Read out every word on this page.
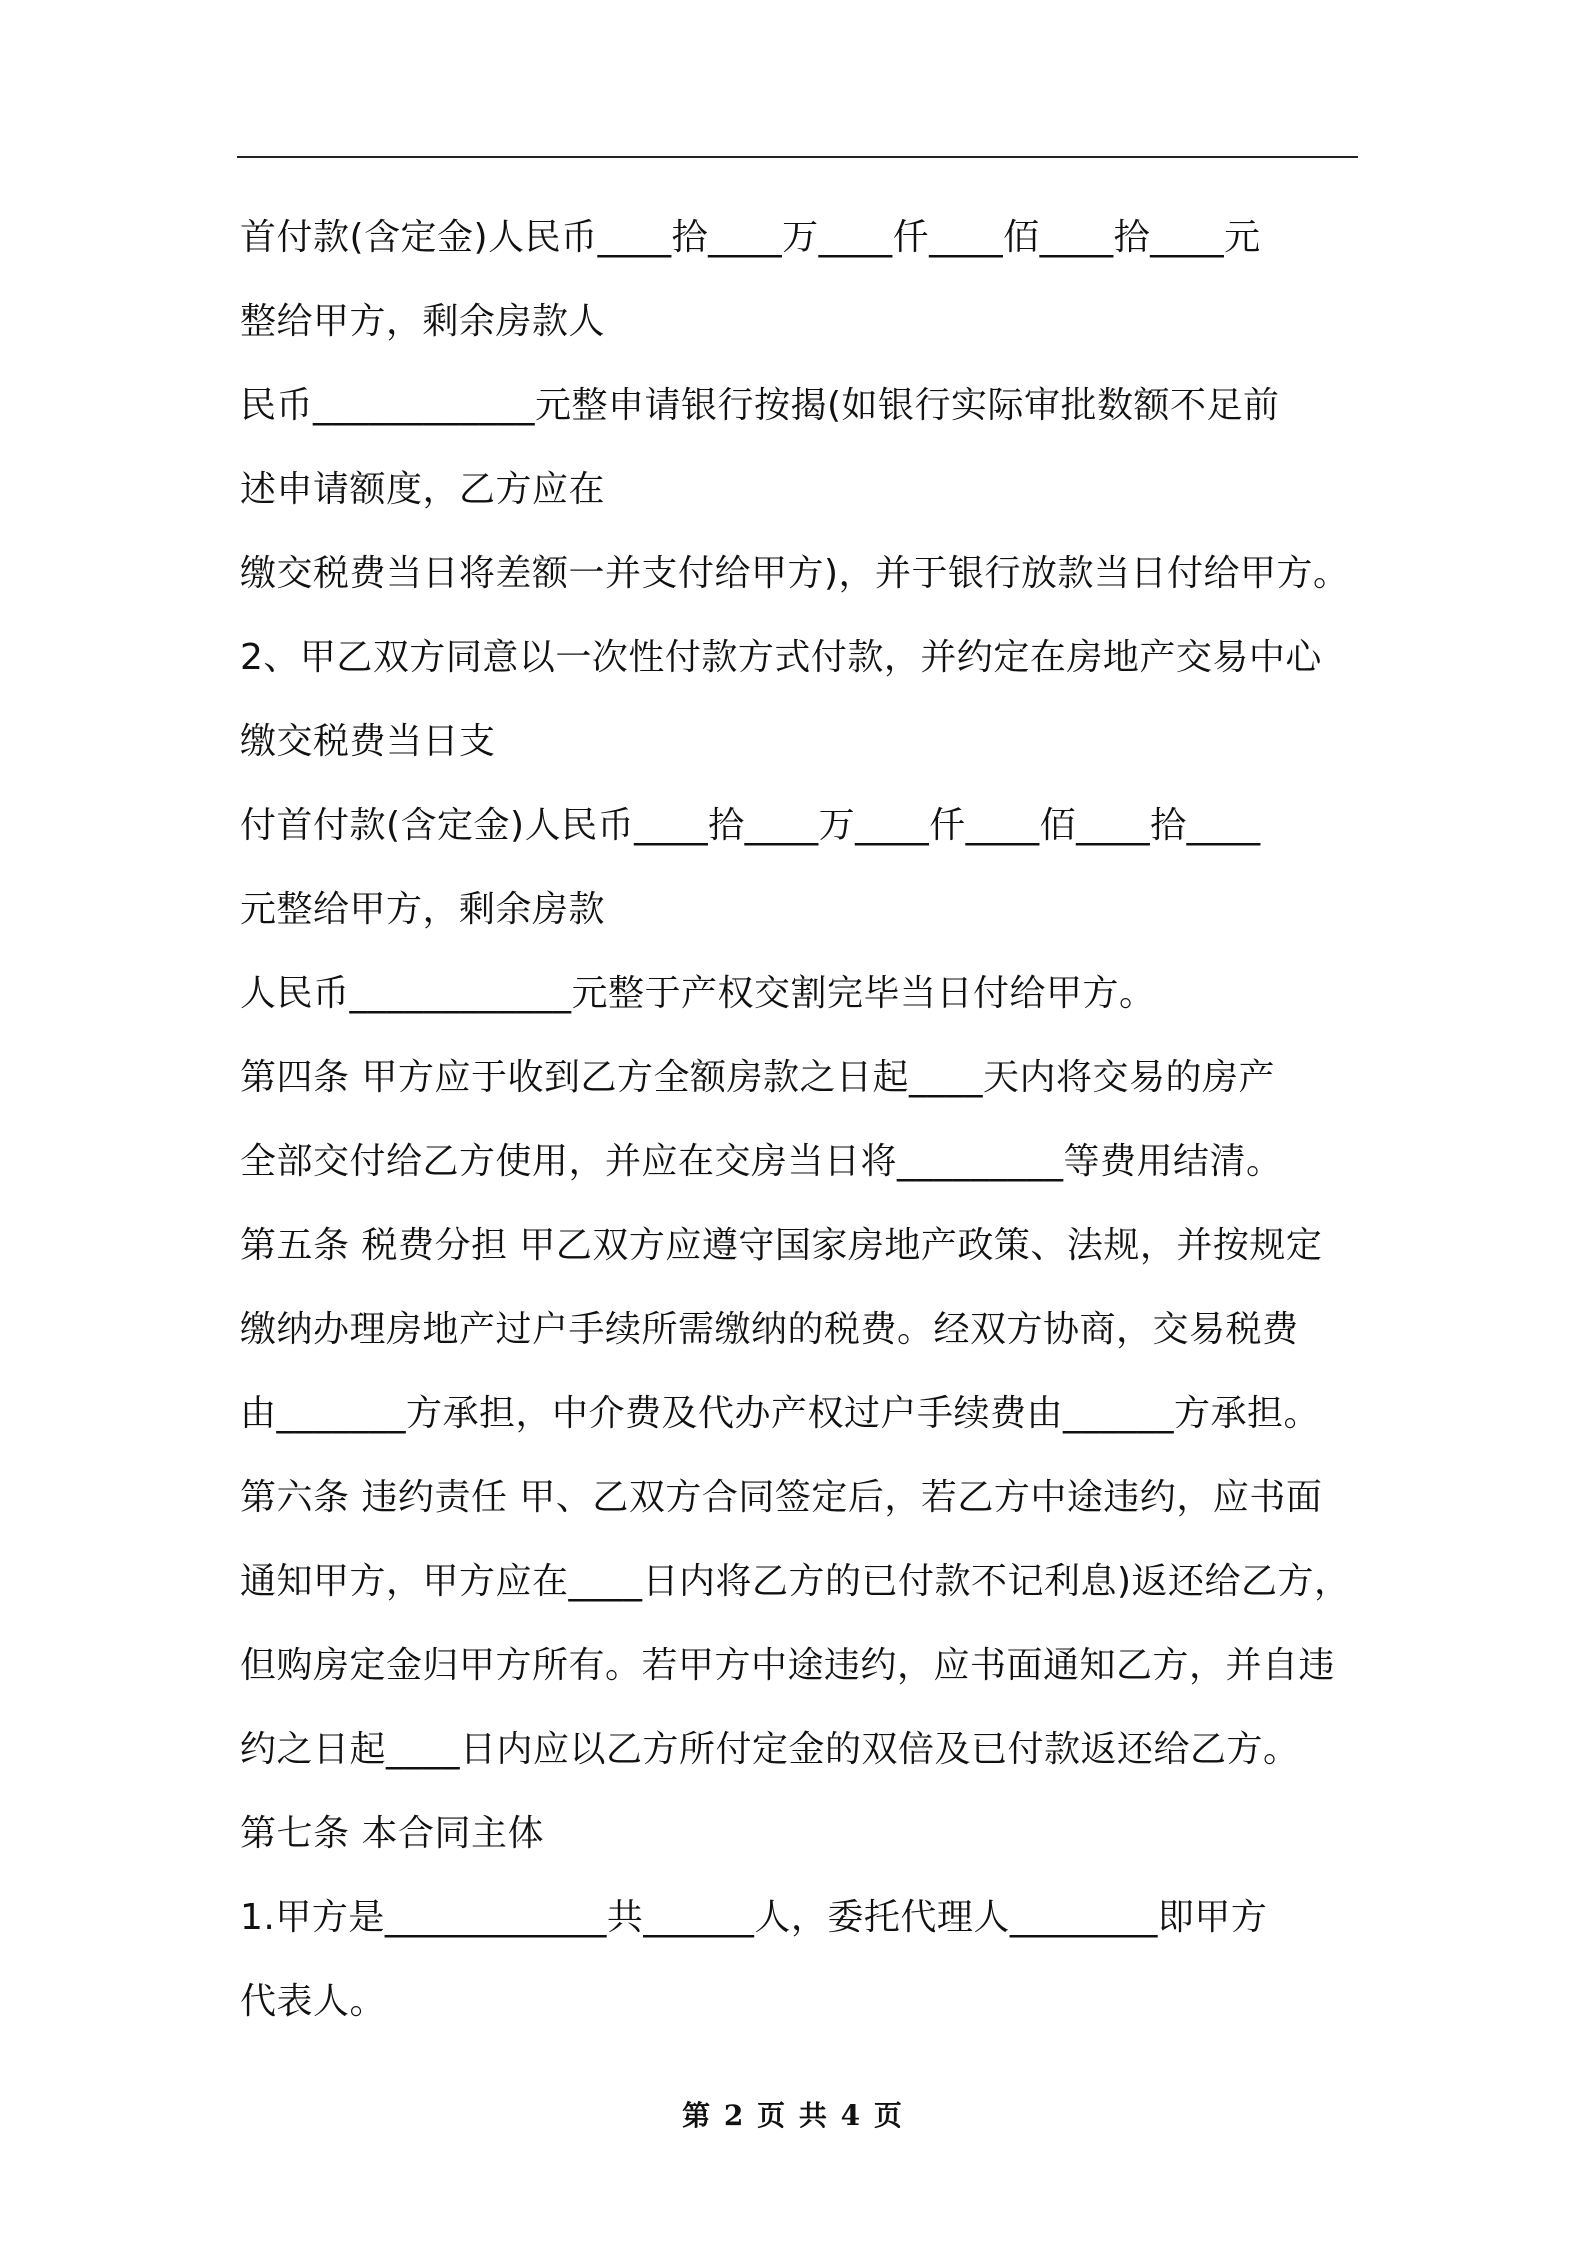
首付款(含定金)人民币____拾____万____仟____佰____拾____元
整给甲方，剩余房款人
民币____________元整申请银行按揭(如银行实际审批数额不足前
述申请额度，乙方应在
缴交税费当日将差额一并支付给甲方)，并于银行放款当日付给甲方。
2、甲乙双方同意以一次性付款方式付款，并约定在房地产交易中心
缴交税费当日支
付首付款(含定金)人民币____拾____万____仟____佰____拾____
元整给甲方，剩余房款
人民币____________元整于产权交割完毕当日付给甲方。
第四条 甲方应于收到乙方全额房款之日起____天内将交易的房产
全部交付给乙方使用，并应在交房当日将_________等费用结清。
第五条 税费分担 甲乙双方应遵守国家房地产政策、法规，并按规定
缴纳办理房地产过户手续所需缴纳的税费。经双方协商，交易税费
由_______方承担，中介费及代办产权过户手续费由______方承担。
第六条 违约责任 甲、乙双方合同签定后，若乙方中途违约，应书面
通知甲方，甲方应在____日内将乙方的已付款不记利息)返还给乙方，
但购房定金归甲方所有。若甲方中途违约，应书面通知乙方，并自违
约之日起____日内应以乙方所付定金的双倍及已付款返还给乙方。
第七条 本合同主体
1.甲方是____________共______人，委托代理人________即甲方
代表人。
第 2 页 共 4 页
